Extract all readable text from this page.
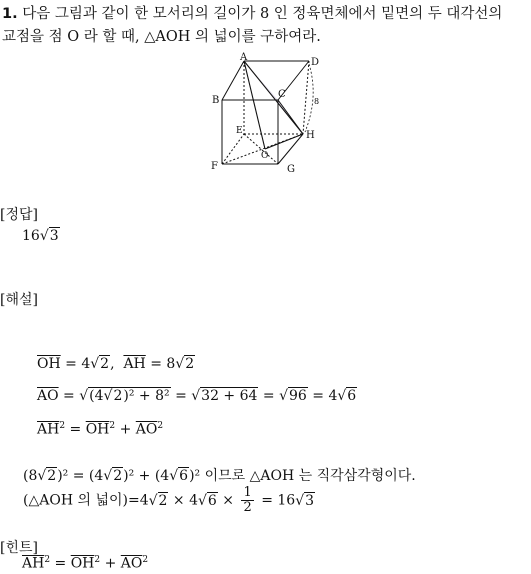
1. 다음 그림과 같이 한 모서리의 길이가 8 인 정육면체에서 밑면의 두 대각선의
교점을 점 O 라 할 때, △AOH 의 넓이를 구하여라.
A	D
B
C
8
E	H
O
F	G
[정답]
16√3
[해설]
$\overline{OH} = 4√2$, $\overline{AH} = 8√2$
$\overline{AO} = √(4√2)^2 + 8^2 = √32 + 64 = √96 = 4√6$
$\overline{AH}^2 = \overline{OH}^2 + \overline{AO}^2$
(8√2)² = (4√2)² + (4√6)² 이므로 △AOH 는 직각삼각형이다.
(△AOH 의 넓이)$=4√2 \times 4√6 \times \frac{1}{2} = 16√3$
[힌트]
$\overline{AH}^2 = \overline{OH}^2 + \overline{AO}^2$
